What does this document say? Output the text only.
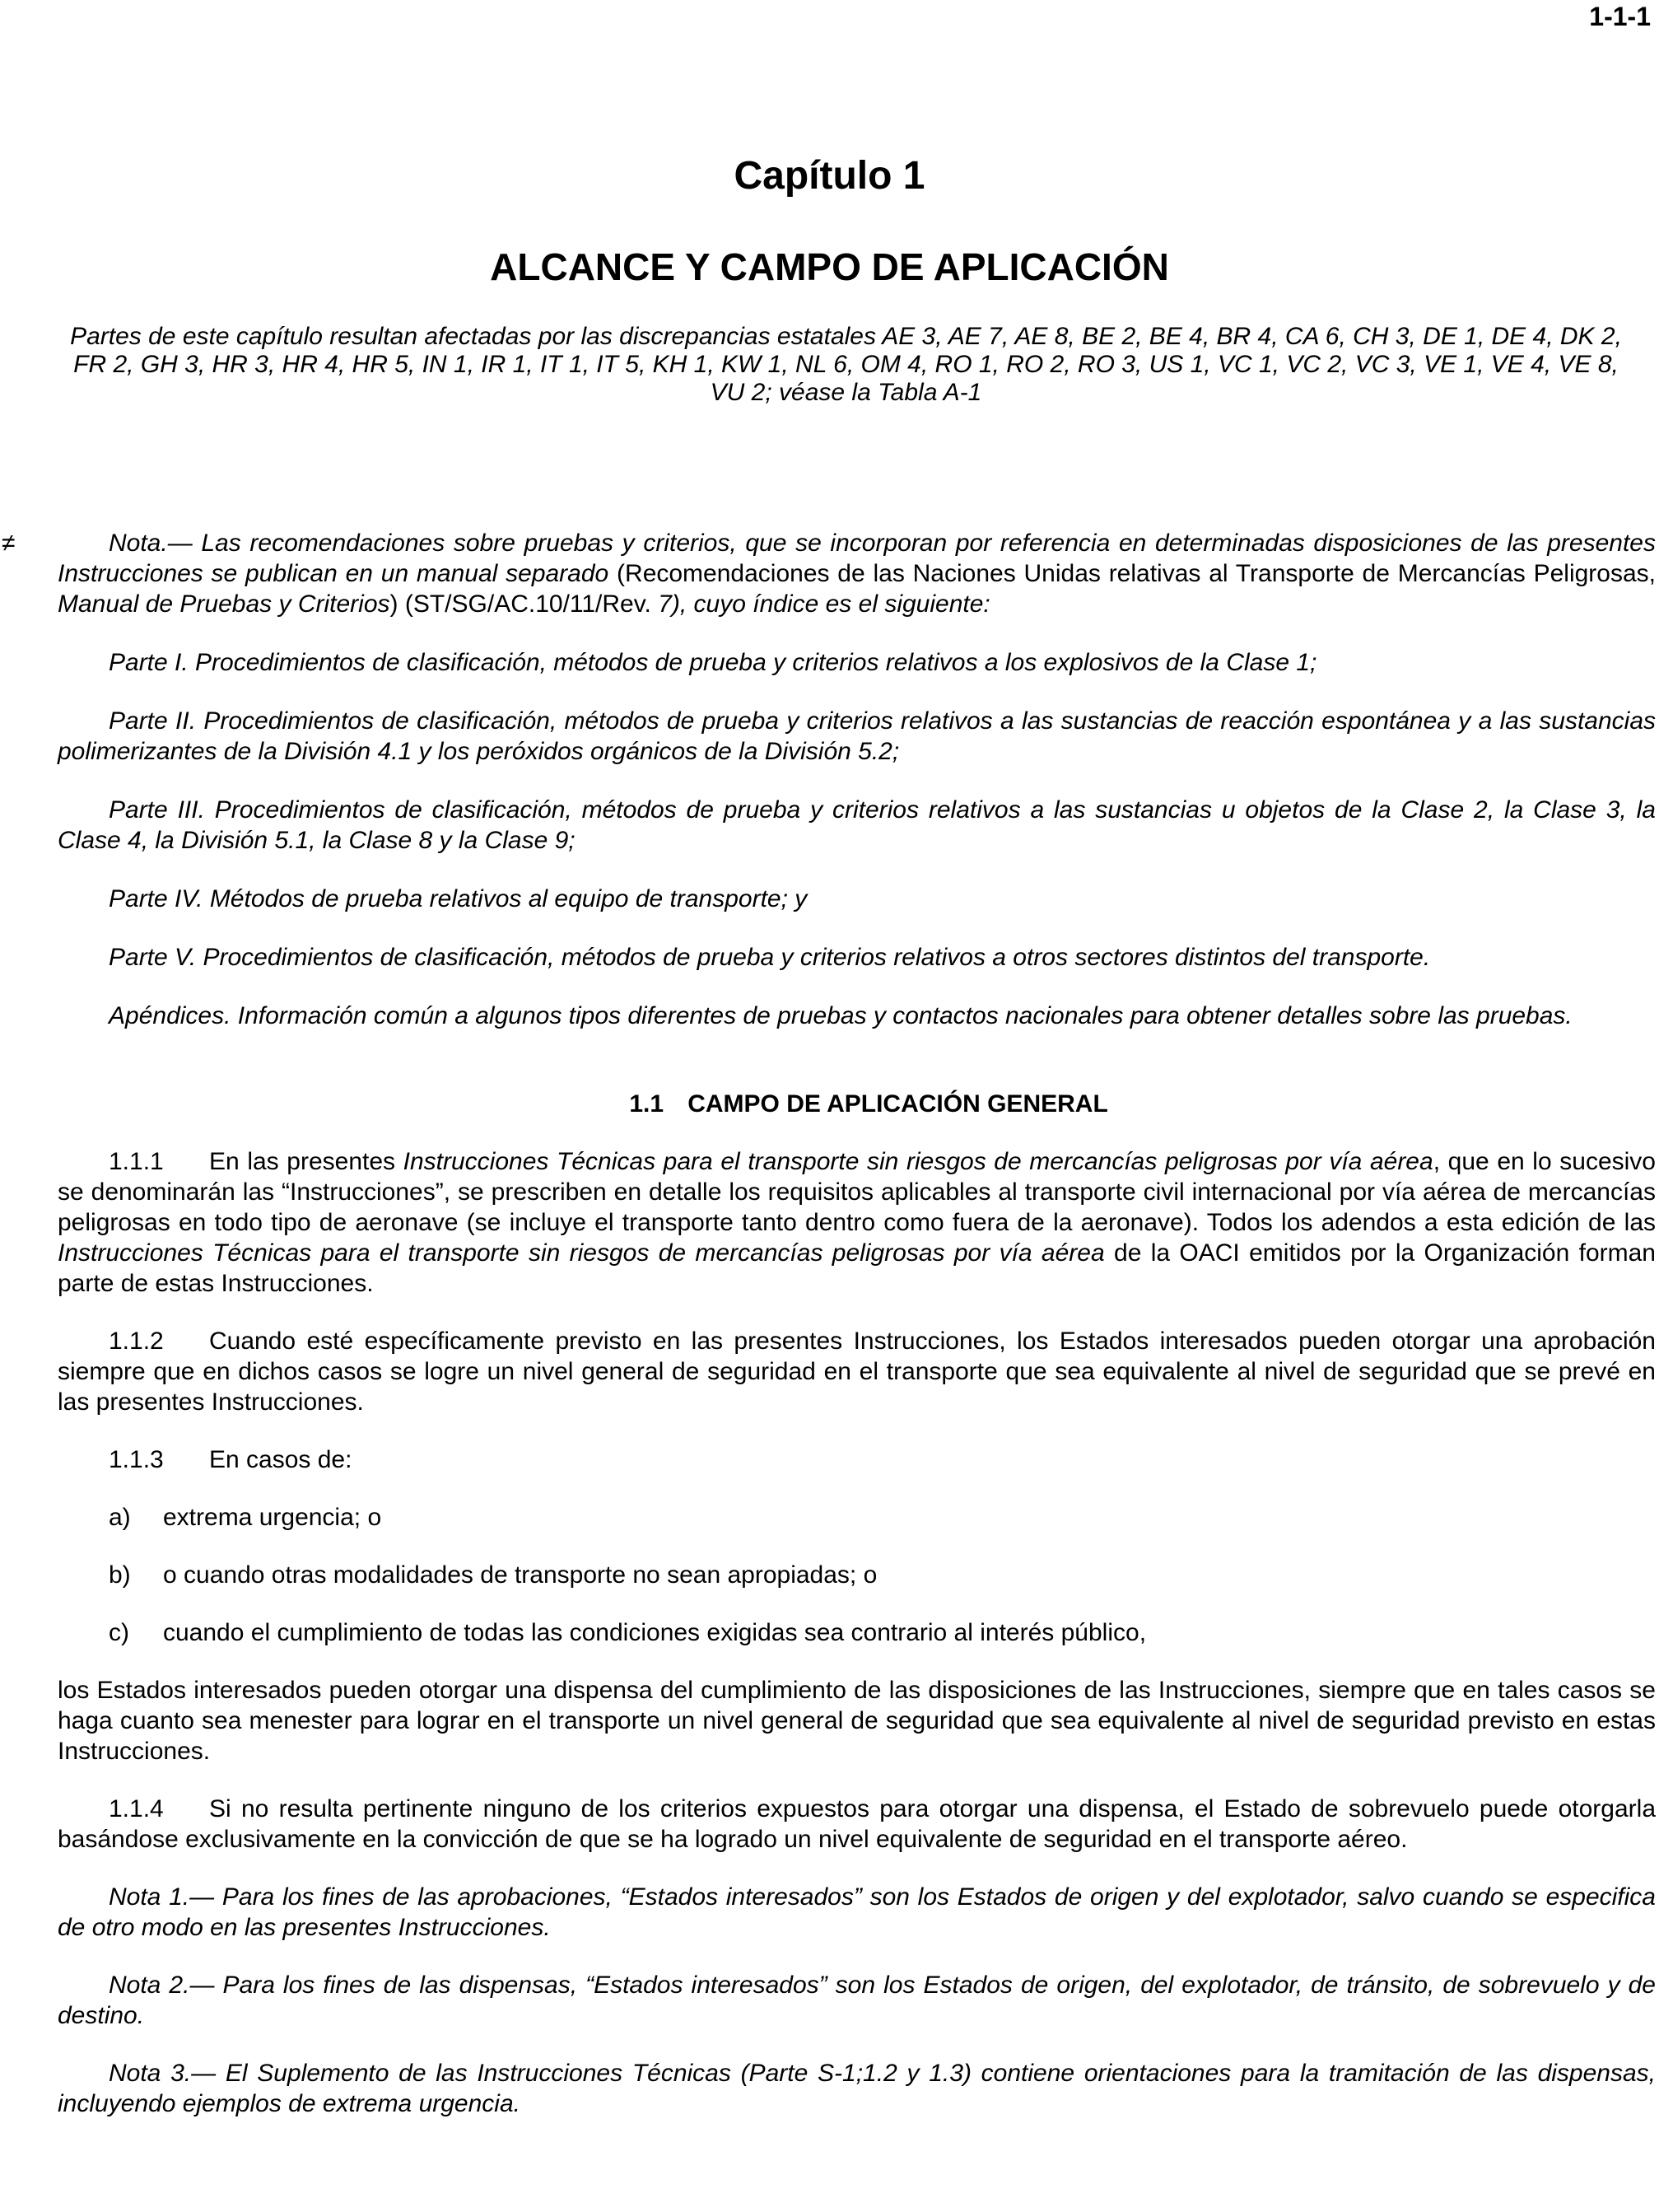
1-1-1
Capítulo 1
ALCANCE Y CAMPO DE APLICACIÓN
Partes de este capítulo resultan afectadas por las discrepancias estatales AE 3, AE 7, AE 8, BE 2, BE 4, BR 4, CA 6, CH 3, DE 1, DE 4, DK 2, FR 2, GH 3, HR 3, HR 4, HR 5, IN 1, IR 1, IT 1, IT 5, KH 1, KW 1, NL 6, OM 4, RO 1, RO 2, RO 3, US 1, VC 1, VC 2, VC 3, VE 1, VE 4, VE 8, VU 2; véase la Tabla A-1
≠	Nota.— Las recomendaciones sobre pruebas y criterios, que se incorporan por referencia en determinadas disposiciones de las presentes Instrucciones se publican en un manual separado (Recomendaciones de las Naciones Unidas relativas al Transporte de Mercancías Peligrosas, Manual de Pruebas y Criterios) (ST/SG/AC.10/11/Rev. 7), cuyo índice es el siguiente:

Parte I. Procedimientos de clasificación, métodos de prueba y criterios relativos a los explosivos de la Clase 1;

Parte II. Procedimientos de clasificación, métodos de prueba y criterios relativos a las sustancias de reacción espontánea y a las sustancias polimerizantes de la División 4.1 y los peróxidos orgánicos de la División 5.2;

Parte III. Procedimientos de clasificación, métodos de prueba y criterios relativos a las sustancias u objetos de la Clase 2, la Clase 3, la Clase 4, la División 5.1, la Clase 8 y la Clase 9;

Parte IV. Métodos de prueba relativos al equipo de transporte; y

Parte V. Procedimientos de clasificación, métodos de prueba y criterios relativos a otros sectores distintos del transporte.

Apéndices. Información común a algunos tipos diferentes de pruebas y contactos nacionales para obtener detalles sobre las pruebas.

1.1 CAMPO DE APLICACIÓN GENERAL

1.1.1 En las presentes Instrucciones Técnicas para el transporte sin riesgos de mercancías peligrosas por vía aérea, que en lo sucesivo se denominarán las “Instrucciones”, se prescriben en detalle los requisitos aplicables al transporte civil internacional por vía aérea de mercancías peligrosas en todo tipo de aeronave (se incluye el transporte tanto dentro como fuera de la aeronave). Todos los adendos a esta edición de las Instrucciones Técnicas para el transporte sin riesgos de mercancías peligrosas por vía aérea de la OACI emitidos por la Organización forman parte de estas Instrucciones.

1.1.2 Cuando esté específicamente previsto en las presentes Instrucciones, los Estados interesados pueden otorgar una aprobación siempre que en dichos casos se logre un nivel general de seguridad en el transporte que sea equivalente al nivel de seguridad que se prevé en las presentes Instrucciones.

1.1.3 En casos de:

a) extrema urgencia; o

b) o cuando otras modalidades de transporte no sean apropiadas; o

c) cuando el cumplimiento de todas las condiciones exigidas sea contrario al interés público,

los Estados interesados pueden otorgar una dispensa del cumplimiento de las disposiciones de las Instrucciones, siempre que en tales casos se haga cuanto sea menester para lograr en el transporte un nivel general de seguridad que sea equivalente al nivel de seguridad previsto en estas Instrucciones.

1.1.4 Si no resulta pertinente ninguno de los criterios expuestos para otorgar una dispensa, el Estado de sobrevuelo puede otorgarla basándose exclusivamente en la convicción de que se ha logrado un nivel equivalente de seguridad en el transporte aéreo.

Nota 1.— Para los fines de las aprobaciones, “Estados interesados” son los Estados de origen y del explotador, salvo cuando se especifica de otro modo en las presentes Instrucciones.

Nota 2.— Para los fines de las dispensas, “Estados interesados” son los Estados de origen, del explotador, de tránsito, de sobrevuelo y de destino.

Nota 3.— El Suplemento de las Instrucciones Técnicas (Parte S-1;1.2 y 1.3) contiene orientaciones para la tramitación de las dispensas, incluyendo ejemplos de extrema urgencia.
